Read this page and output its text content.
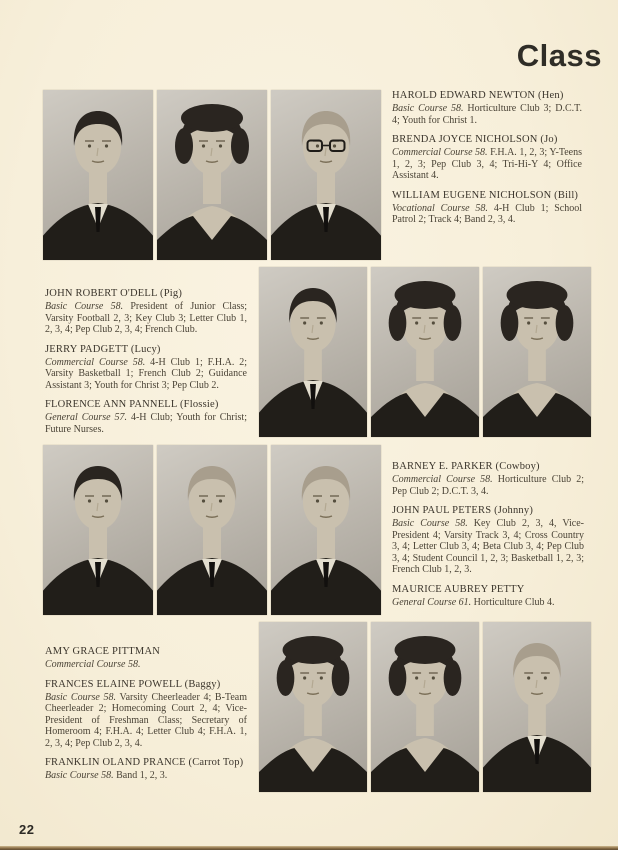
Class
HAROLD EDWARD NEWTON (Hen)

Basic Course 58. Horticulture Club 3; D.C.T. 4; Youth for Christ 1.

BRENDA JOYCE NICHOLSON (Jo)

Commercial Course 58. F.H.A. 1, 2, 3; Y-Teens 1, 2, 3; Pep Club 3, 4; Tri-Hi-Y 4; Office Assistant 4.

WILLIAM EUGENE NICHOLSON (Bill)

Vocational Course 58. 4-H Club 1; School Patrol 2; Track 4; Band 2, 3, 4.

JOHN ROBERT O'DELL (Pig)

Basic Course 58. President of Junior Class; Varsity Football 2, 3; Key Club 3; Letter Club 1, 2, 3, 4; Pep Club 2, 3, 4; French Club.

JERRY PADGETT (Lucy)

Commercial Course 58. 4-H Club 1; F.H.A. 2; Varsity Basketball 1; French Club 2; Guidance Assistant 3; Youth for Christ 3; Pep Club 2.

FLORENCE ANN PANNELL (Flossie)

General Course 57. 4-H Club; Youth for Christ; Future Nurses.

BARNEY E. PARKER (Cowboy)

Commercial Course 58. Horticulture Club 2; Pep Club 2; D.C.T. 3, 4.

JOHN PAUL PETERS (Johnny)

Basic Course 58. Key Club 2, 3, 4, Vice-President 4; Varsity Track 3, 4; Cross Country 3, 4; Letter Club 3, 4; Beta Club 3, 4; Pep Club 3, 4; Student Council 1, 2, 3; Basketball 1, 2, 3; French Club 1, 2, 3.

MAURICE AUBREY PETTY

General Course 61. Horticulture Club 4.

AMY GRACE PITTMAN

Commercial Course 58.

FRANCES ELAINE POWELL (Baggy)

Basic Course 58. Varsity Cheerleader 4; B-Team Cheerleader 2; Homecoming Court 2, 4; Vice-President of Freshman Class; Secretary of Homeroom 4; F.H.A. 4; Letter Club 4; F.H.A. 1, 2, 3, 4; Pep Club 2, 3, 4.

FRANKLIN OLAND PRANCE (Carrot Top)

Basic Course 58. Band 1, 2, 3.

22
